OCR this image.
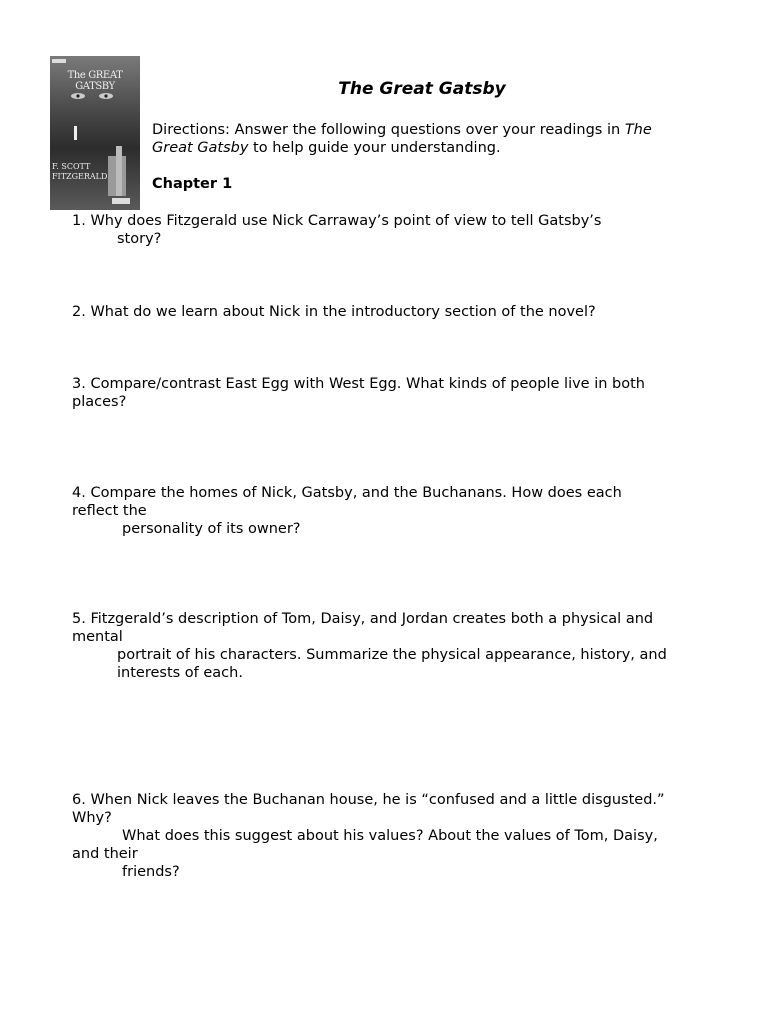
The GREAT GATSBY
F. SCOTT FITZGERALD
The Great Gatsby
Directions: Answer the following questions over your readings in The Great Gatsby to help guide your understanding.
Chapter 1
1. Why does Fitzgerald use Nick Carraway’s point of view to tell Gatsby’s
story?
2. What do we learn about Nick in the introductory section of the novel?
3. Compare/contrast East Egg with West Egg. What kinds of people live in both
places?
4. Compare the homes of Nick, Gatsby, and the Buchanans. How does each
reflect the
personality of its owner?
5. Fitzgerald’s description of Tom, Daisy, and Jordan creates both a physical and
mental
portrait of his characters. Summarize the physical appearance, history, and
interests of each.
6. When Nick leaves the Buchanan house, he is “confused and a little disgusted.”
Why?
What does this suggest about his values? About the values of Tom, Daisy,
and their
friends?
